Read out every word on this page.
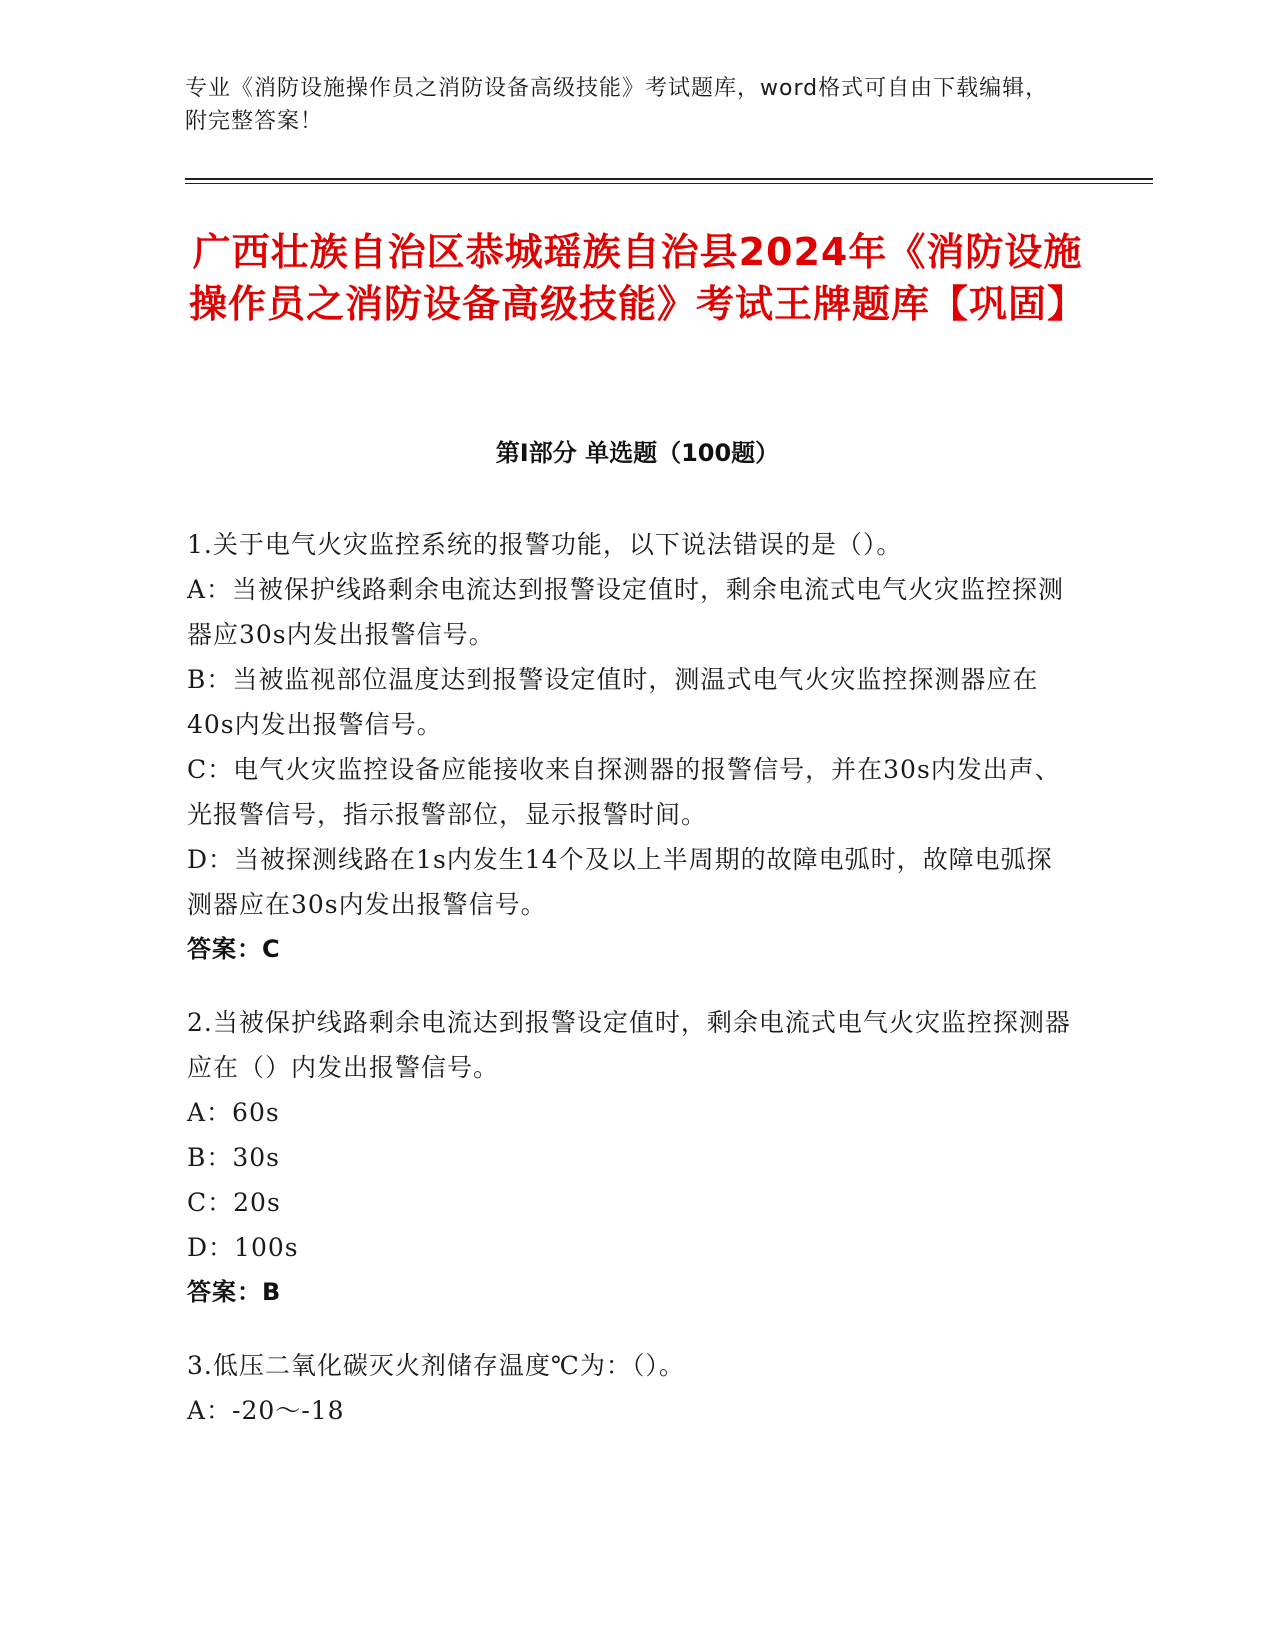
专业《消防设施操作员之消防设备高级技能》考试题库，word格式可自由下载编辑，附完整答案！
广西壮族自治区恭城瑶族自治县2024年《消防设施操作员之消防设备高级技能》考试王牌题库【巩固】
第I部分 单选题（100题）
1.关于电气火灾监控系统的报警功能，以下说法错误的是（）。
A：当被保护线路剩余电流达到报警设定值时，剩余电流式电气火灾监控探测器应30s内发出报警信号。
B：当被监视部位温度达到报警设定值时，测温式电气火灾监控探测器应在40s内发出报警信号。
C：电气火灾监控设备应能接收来自探测器的报警信号，并在30s内发出声、光报警信号，指示报警部位，显示报警时间。
D：当被探测线路在1s内发生14个及以上半周期的故障电弧时，故障电弧探测器应在30s内发出报警信号。
答案：C
2.当被保护线路剩余电流达到报警设定值时，剩余电流式电气火灾监控探测器应在（）内发出报警信号。
A：60s
B：30s
C：20s
D：100s
答案：B
3.低压二氧化碳灭火剂储存温度℃为：（）。
A：-20～-18
